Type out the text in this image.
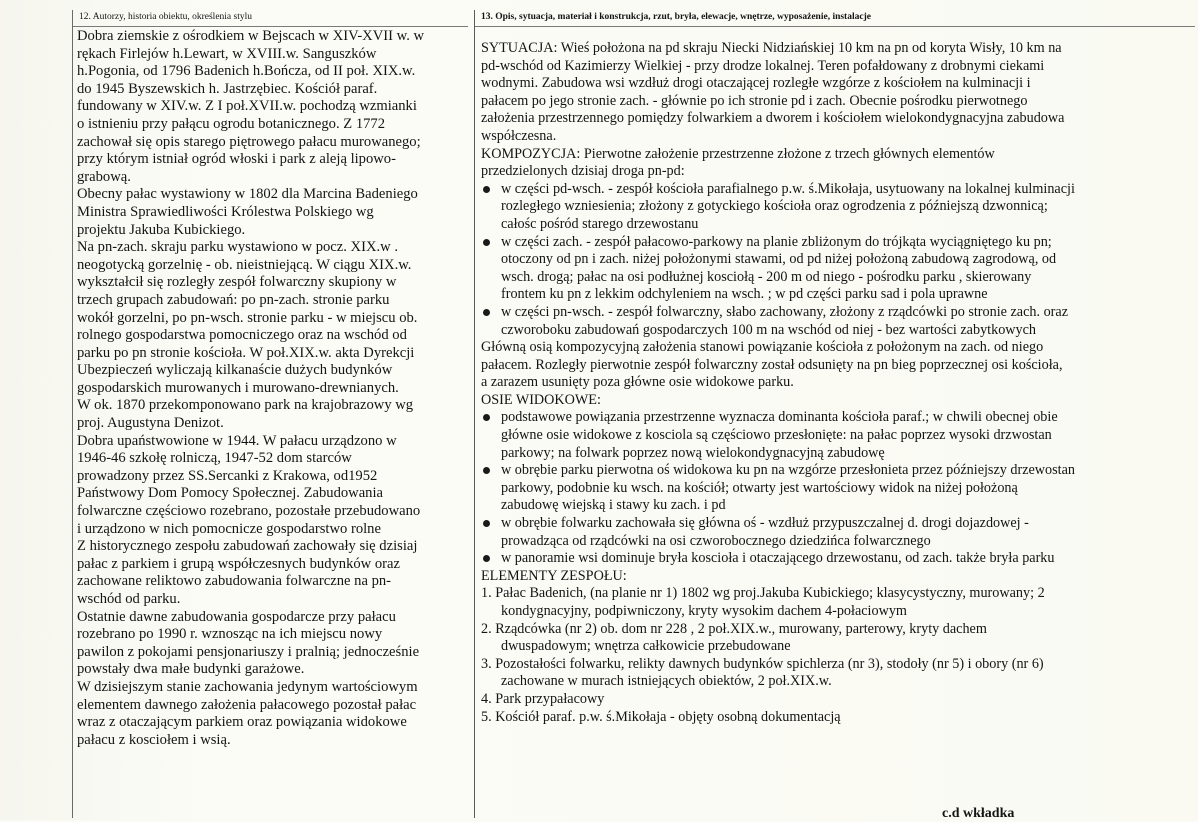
12. Autorzy, historia obiektu, określenia stylu
Dobra ziemskie z ośrodkiem w Bejscach w XIV-XVII w. w
rękach Firlejów h.Lewart, w XVIII.w. Sanguszków
h.Pogonia, od 1796 Badenich h.Bończa, od II poł. XIX.w.
do 1945 Byszewskich h. Jastrzębiec. Kościół paraf.
fundowany w XIV.w. Z I poł.XVII.w. pochodzą wzmianki
o istnieniu przy pałącu ogrodu botanicznego. Z 1772
zachował się opis starego piętrowego pałacu murowanego;
przy którym istniał ogród włoski i park z aleją lipowo-
grabową.
Obecny pałac wystawiony w 1802 dla Marcina Badeniego
Ministra Sprawiedliwości Królestwa Polskiego wg
projektu Jakuba Kubickiego.
Na pn-zach. skraju parku wystawiono w pocz. XIX.w .
neogotycką gorzelnię - ob. nieistniejącą. W ciągu XIX.w.
wykształcił się rozległy zespół folwarczny skupiony w
trzech grupach zabudowań: po pn-zach. stronie parku
wokół gorzelni, po pn-wsch. stronie parku - w miejscu ob.
rolnego gospodarstwa pomocniczego oraz na wschód od
parku po pn stronie kościoła. W poł.XIX.w. akta Dyrekcji
Ubezpieczeń wyliczają kilkanaście dużych budynków
gospodarskich murowanych i murowano-drewnianych.
W ok. 1870 przekomponowano park na krajobrazowy wg
proj. Augustyna Denizot.
Dobra upaństwowione w 1944. W pałacu urządzono w
1946-46 szkołę rolniczą, 1947-52 dom starców
prowadzony przez SS.Sercanki z Krakowa, od1952
Państwowy Dom Pomocy Społecznej. Zabudowania
folwarczne częściowo rozebrano, pozostałe przebudowano
i urządzono w nich pomocnicze gospodarstwo rolne
Z historycznego zespołu zabudowań zachowały się dzisiaj
pałac z parkiem i grupą współczesnych budynków oraz
zachowane reliktowo zabudowania folwarczne na pn-
wschód od parku.
Ostatnie dawne zabudowania gospodarcze przy pałacu
rozebrano po 1990 r. wznosząc na ich miejscu nowy
pawilon z pokojami pensjonariuszy i pralnią; jednocześnie
powstały dwa małe budynki garażowe.
W dzisiejszym stanie zachowania jedynym wartościowym
elementem dawnego założenia pałacowego pozostał pałac
wraz z otaczającym parkiem oraz powiązania widokowe
pałacu z kosciołem i wsią.
13. Opis, sytuacja, materiał i konstrukcja, rzut, bryła, elewacje, wnętrze, wyposażenie, instalacje
SYTUACJA: Wieś położona na pd skraju Niecki Nidziańskiej 10 km na pn od koryta Wisły, 10 km na
pd-wschód od Kazimierzy Wielkiej - przy drodze lokalnej. Teren pofałdowany z drobnymi ciekami
wodnymi. Zabudowa wsi wzdłuż drogi otaczającej rozległe wzgórze z kościołem na kulminacji i
pałacem po jego stronie zach. - głównie po ich stronie pd i zach. Obecnie pośrodku pierwotnego
założenia przestrzennego pomiędzy folwarkiem a dworem i kościołem wielokondygnacyjna zabudowa
współczesna.
KOMPOZYCJA: Pierwotne założenie przestrzenne złożone z trzech głównych elementów
przedzielonych dzisiaj droga pn-pd:
w części pd-wsch. - zespół kościoła parafialnego p.w. ś.Mikołaja, usytuowany na lokalnej kulminacji
rozległego wzniesienia; złożony z gotyckiego kościoła oraz ogrodzenia z późniejszą dzwonnicą;
całośc pośród starego drzewostanu
w części zach. - zespół pałacowo-parkowy na planie zbliżonym do trójkąta wyciągniętego ku pn;
otoczony od pn i zach. niżej położonymi stawami, od pd niżej położoną zabudową zagrodową, od
wsch. drogą; pałac na osi podłużnej kosciołą - 200 m od niego - pośrodku parku , skierowany
frontem ku pn z lekkim odchyleniem na wsch. ; w pd części parku sad i pola uprawne
w części pn-wsch. - zespół folwarczny, słabo zachowany, złożony z rządcówki po stronie zach. oraz
czworoboku zabudowań gospodarczych 100 m na wschód od niej - bez wartości zabytkowych
Główną osią kompozycyjną założenia stanowi powiązanie kościoła z położonym na zach. od niego
pałacem. Rozległy pierwotnie zespół folwarczny został odsunięty na pn bieg poprzecznej osi kościoła,
a zarazem usunięty poza główne osie widokowe parku.
OSIE WIDOKOWE:
podstawowe powiązania przestrzenne wyznacza dominanta kościoła paraf.; w chwili obecnej obie
główne osie widokowe z kosciola są częściowo przesłonięte: na pałac poprzez wysoki drzwostan
parkowy; na folwark poprzez nową wielokondygnacyjną zabudowę
w obrębie parku pierwotna oś widokowa ku pn na wzgórze przesłonieta przez późniejszy drzewostan
parkowy, podobnie ku wsch. na kościół; otwarty jest wartościowy widok na niżej położoną
zabudowę wiejską i stawy ku zach. i pd
w obrębie folwarku zachowała się główna oś - wzdłuż przypuszczalnej d. drogi dojazdowej -
prowadząca od rządcówki na osi czworobocznego dziedzińca folwarcznego
w panoramie wsi dominuje bryła koscioła i otaczającego drzewostanu, od zach. także bryła parku
ELEMENTY ZESPOŁU:
1. Pałac Badenich, (na planie nr 1) 1802 wg proj.Jakuba Kubickiego; klasycystyczny, murowany; 2
kondygnacyjny, podpiwniczony, kryty wysokim dachem 4-połaciowym
2. Rządcówka (nr 2) ob. dom nr 228 , 2 poł.XIX.w., murowany, parterowy, kryty dachem
dwuspadowym; wnętrza całkowicie przebudowane
3. Pozostałości folwarku, relikty dawnych budynków spichlerza (nr 3), stodoły (nr 5) i obory (nr 6)
zachowane w murach istniejących obiektów, 2 poł.XIX.w.
4. Park przypałacowy
5. Kościół paraf. p.w. ś.Mikołaja - objęty osobną dokumentacją
c.d wkładka
